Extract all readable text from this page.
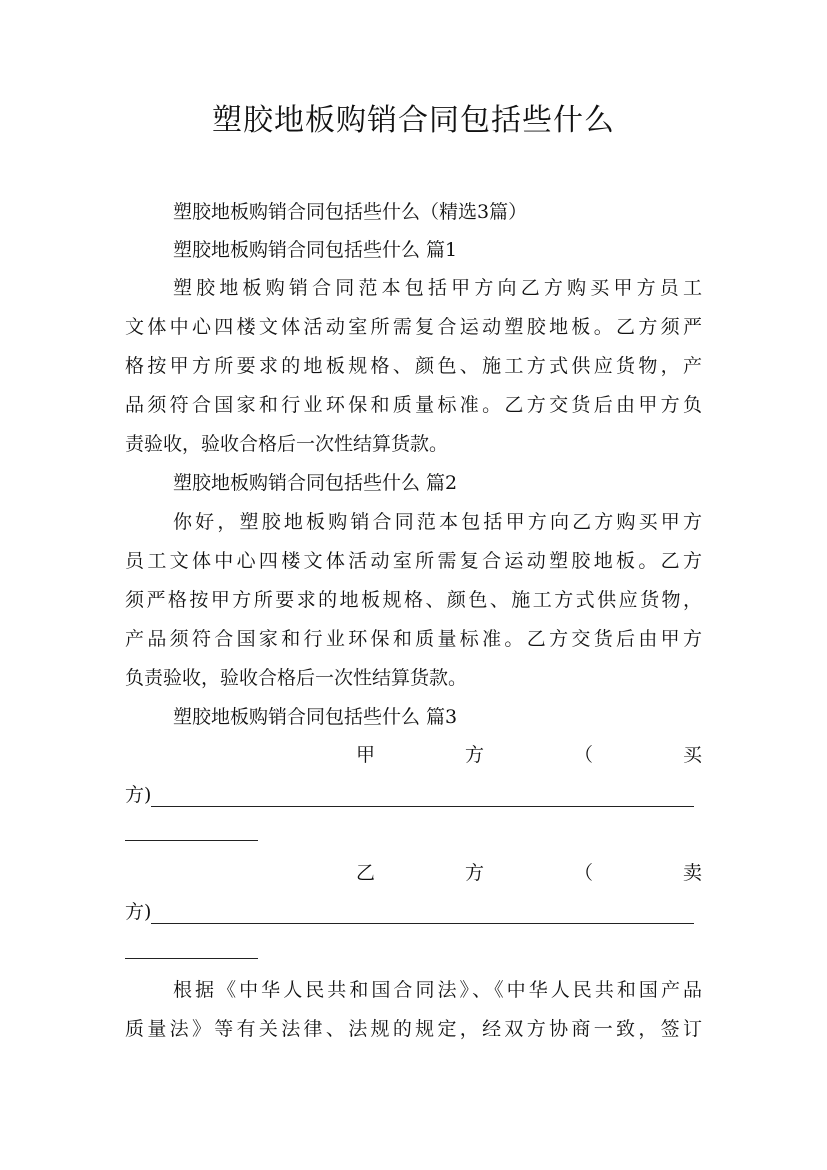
塑胶地板购销合同包括些什么
塑胶地板购销合同包括些什么（精选3篇）
塑胶地板购销合同包括些什么 篇1
塑胶地板购销合同范本包括甲方向乙方购买甲方员工
文体中心四楼文体活动室所需复合运动塑胶地板。乙方须严
格按甲方所要求的地板规格、颜色、施工方式供应货物，产
品须符合国家和行业环保和质量标准。乙方交货后由甲方负
责验收，验收合格后一次性结算货款。
塑胶地板购销合同包括些什么 篇2
你好，塑胶地板购销合同范本包括甲方向乙方购买甲方
员工文体中心四楼文体活动室所需复合运动塑胶地板。乙方
须严格按甲方所要求的地板规格、颜色、施工方式供应货物，
产品须符合国家和行业环保和质量标准。乙方交货后由甲方
负责验收，验收合格后一次性结算货款。
塑胶地板购销合同包括些什么 篇3
甲	方	（	买
方)
乙	方	（	卖
方)
根据《中华人民共和国合同法》、《中华人民共和国产品
质量法》等有关法律、法规的规定，经双方协商一致，签订
